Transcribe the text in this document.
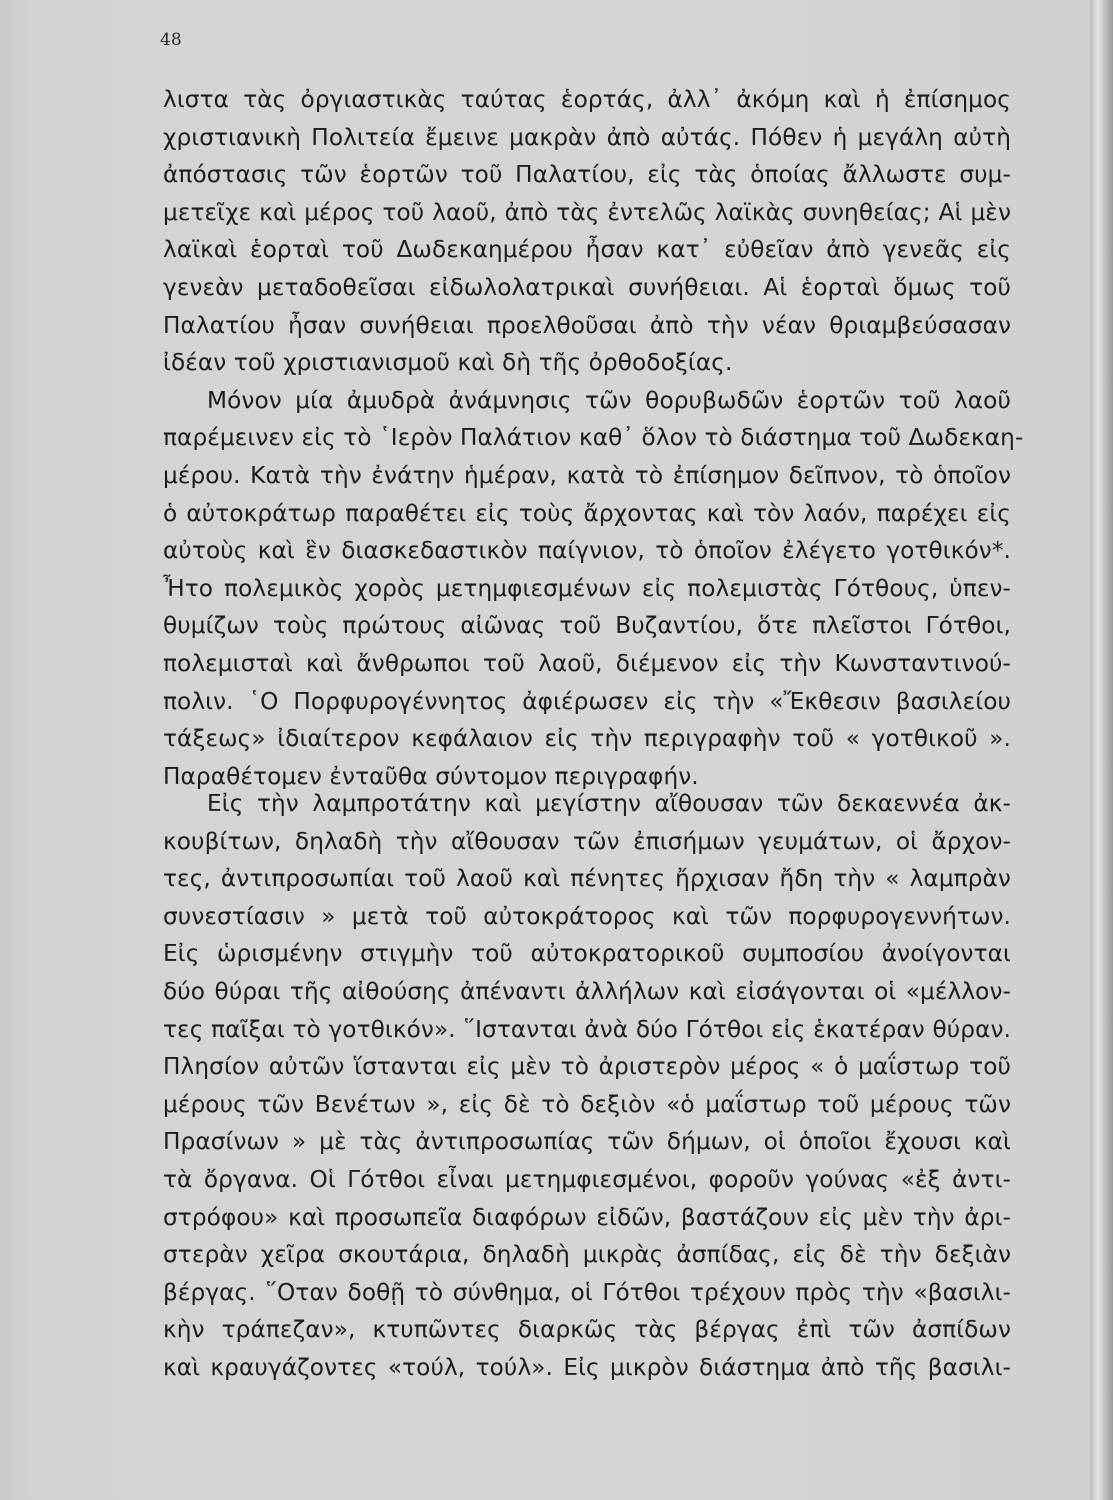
48
λιστα τὰς ὀργιαστικὰς ταύτας ἑορτάς, ἀλλ᾽ ἀκόμη καὶ ἡ ἐπίσημος
χριστιανικὴ Πολιτεία ἔμεινε μακρὰν ἀπὸ αὐτάς. Πόθεν ἡ μεγάλη αὐτὴ
ἀπόστασις τῶν ἑορτῶν τοῦ Παλατίου, εἰς τὰς ὁποίας ἄλλωστε συμ-
μετεῖχε καὶ μέρος τοῦ λαοῦ, ἀπὸ τὰς ἐντελῶς λαϊκὰς συνηθείας; Αἱ μὲν
λαϊκαὶ ἑορταὶ τοῦ Δωδεκαημέρου ἦσαν κατ᾽ εὐθεῖαν ἀπὸ γενεᾶς εἰς
γενεὰν μεταδοθεῖσαι εἰδωλολατρικαὶ συνήθειαι. Αἱ ἑορταὶ ὅμως τοῦ
Παλατίου ἦσαν συνήθειαι προελθοῦσαι ἀπὸ τὴν νέαν θριαμβεύσασαν
ἰδέαν τοῦ χριστιανισμοῦ καὶ δὴ τῆς ὀρθοδοξίας.
Μόνον μία ἀμυδρὰ ἀνάμνησις τῶν θορυβωδῶν ἑορτῶν τοῦ λαοῦ
παρέμεινεν εἰς τὸ ῾Ιερὸν Παλάτιον καθ᾽ ὅλον τὸ διάστημα τοῦ Δωδεκαη-
μέρου. Κατὰ τὴν ἐνάτην ἡμέραν, κατὰ τὸ ἐπίσημον δεῖπνον, τὸ ὁποῖον
ὁ αὐτοκράτωρ παραθέτει εἰς τοὺς ἄρχοντας καὶ τὸν λαόν, παρέχει εἰς
αὐτοὺς καὶ ἓν διασκεδαστικὸν παίγνιον, τὸ ὁποῖον ἐλέγετο γοτθικόν*.
Ἦτο πολεμικὸς χορὸς μετημφιεσμένων εἰς πολεμιστὰς Γότθους, ὑπεν-
θυμίζων τοὺς πρώτους αἰῶνας τοῦ Βυζαντίου, ὅτε πλεῖστοι Γότθοι,
πολεμισταὶ καὶ ἄνθρωποι τοῦ λαοῦ, διέμενον εἰς τὴν Κωνσταντινού-
πολιν. ῾Ο Πορφυρογέννητος ἀφιέρωσεν εἰς τὴν «Ἔκθεσιν βασιλείου
τάξεως» ἰδιαίτερον κεφάλαιον εἰς τὴν περιγραφὴν τοῦ « γοτθικοῦ ».
Παραθέτομεν ἐνταῦθα σύντομον περιγραφήν.
Εἰς τὴν λαμπροτάτην καὶ μεγίστην αἴθουσαν τῶν δεκαεννέα ἀκ-
κουβίτων, δηλαδὴ τὴν αἴθουσαν τῶν ἐπισήμων γευμάτων, οἱ ἄρχον-
τες, ἀντιπροσωπίαι τοῦ λαοῦ καὶ πένητες ἤρχισαν ἤδη τὴν « λαμπρὰν
συνεστίασιν » μετὰ τοῦ αὐτοκράτορος καὶ τῶν πορφυρογεννήτων.
Εἰς ὡρισμένην στιγμὴν τοῦ αὐτοκρατορικοῦ συμποσίου ἀνοίγονται
δύο θύραι τῆς αἰθούσης ἀπέναντι ἀλλήλων καὶ εἰσάγονται οἱ «μέλλον-
τες παῖξαι τὸ γοτθικόν». ῞Ιστανται ἀνὰ δύο Γότθοι εἰς ἑκατέραν θύραν.
Πλησίον αὐτῶν ἵστανται εἰς μὲν τὸ ἀριστερὸν μέρος « ὁ μαΐστωρ τοῦ
μέρους τῶν Βενέτων », εἰς δὲ τὸ δεξιὸν «ὁ μαΐστωρ τοῦ μέρους τῶν
Πρασίνων » μὲ τὰς ἀντιπροσωπίας τῶν δήμων, οἱ ὁποῖοι ἔχουσι καὶ
τὰ ὄργανα. Οἱ Γότθοι εἶναι μετημφιεσμένοι, φοροῦν γούνας «ἐξ ἀντι-
στρόφου» καὶ προσωπεῖα διαφόρων εἰδῶν, βαστάζουν εἰς μὲν τὴν ἀρι-
στερὰν χεῖρα σκουτάρια, δηλαδὴ μικρὰς ἀσπίδας, εἰς δὲ τὴν δεξιὰν
βέργας. ῞Οταν δοθῇ τὸ σύνθημα, οἱ Γότθοι τρέχουν πρὸς τὴν «βασιλι-
κὴν τράπεζαν», κτυπῶντες διαρκῶς τὰς βέργας ἐπὶ τῶν ἀσπίδων
καὶ κραυγάζοντες «τούλ, τούλ». Εἰς μικρὸν διάστημα ἀπὸ τῆς βασιλι-
